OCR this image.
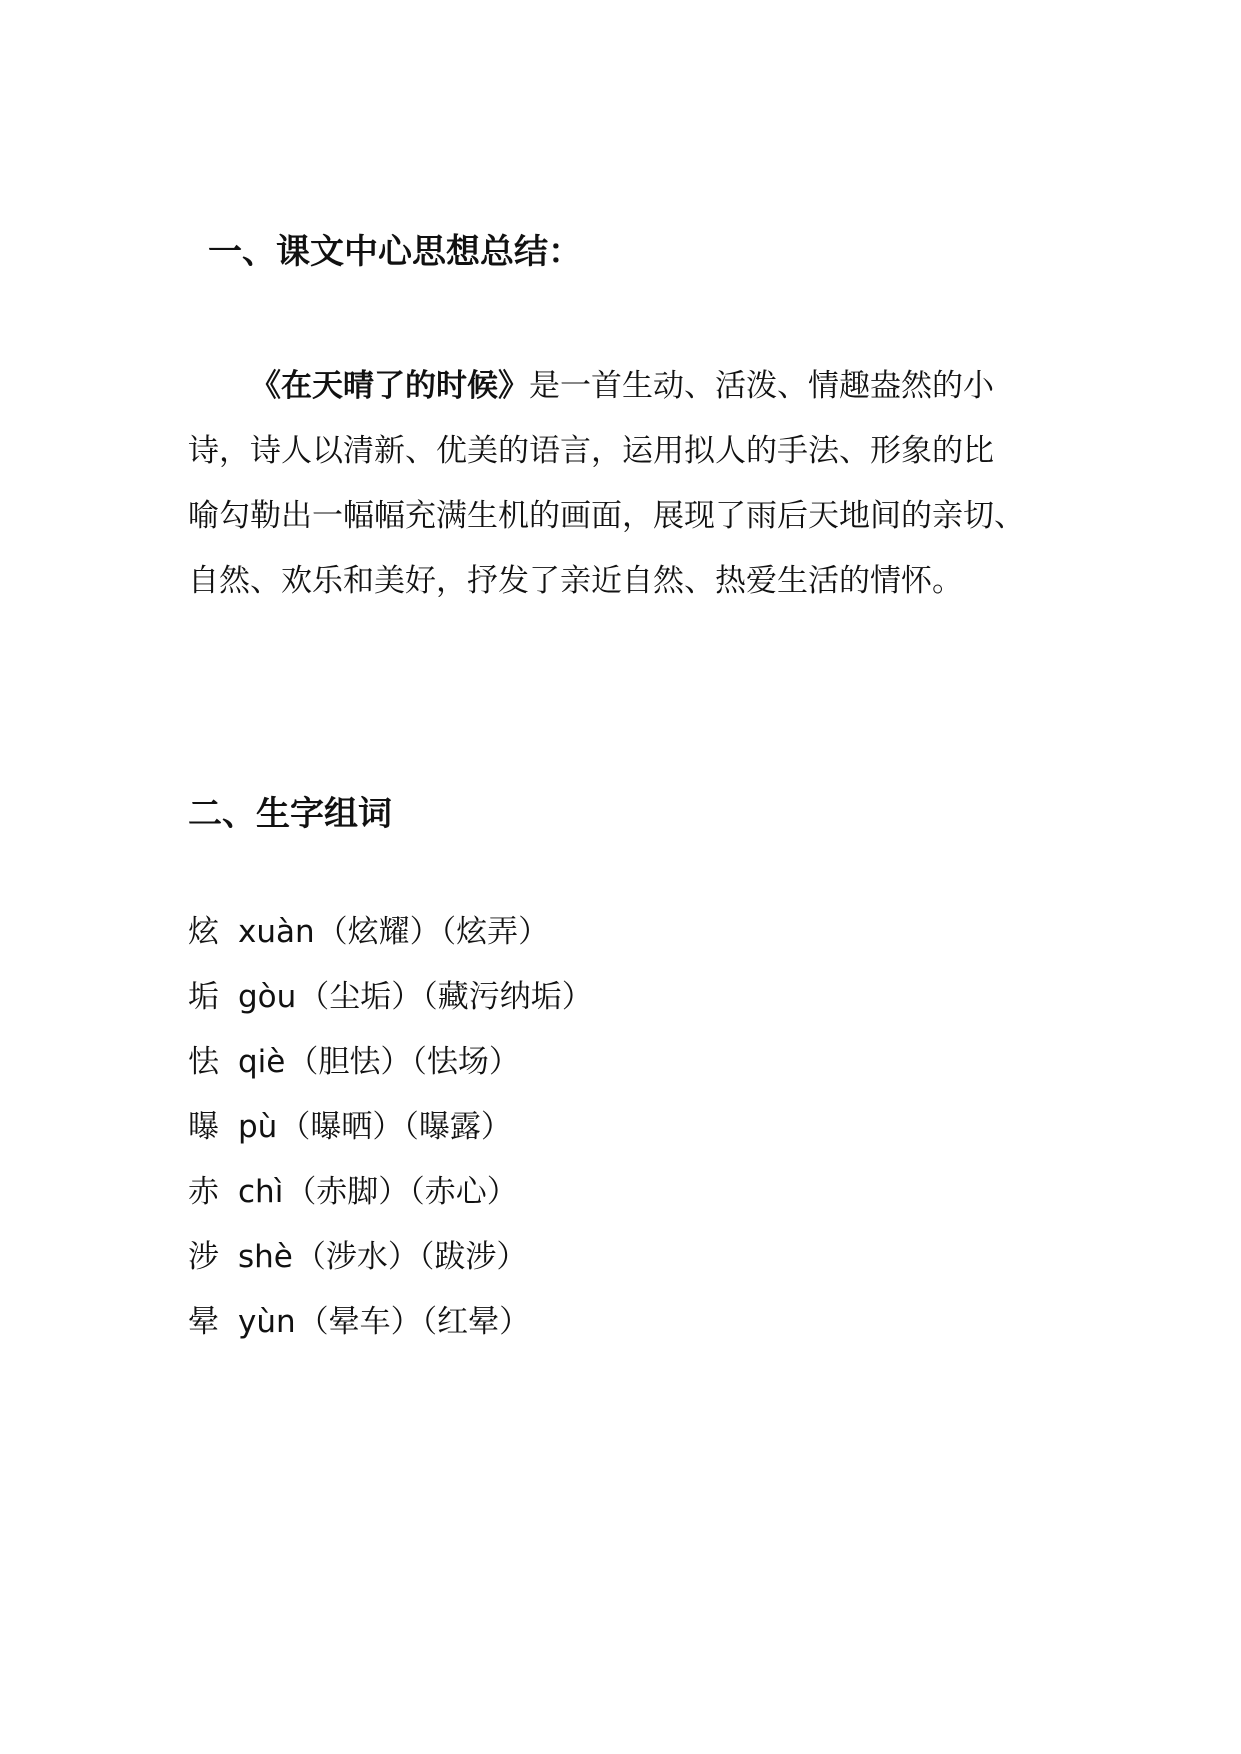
一、课文中心思想总结：
《在天晴了的时候》是一首生动、活泼、情趣盎然的小
诗，诗人以清新、优美的语言，运用拟人的手法、形象的比
喻勾勒出一幅幅充满生机的画面，展现了雨后天地间的亲切、
自然、欢乐和美好，抒发了亲近自然、热爱生活的情怀。
二、生字组词
炫 xuàn（炫耀）（炫弄）
垢 gòu（尘垢）（藏污纳垢）
怯 qiè（胆怯）（怯场）
曝 pù（曝晒）（曝露）
赤 chì（赤脚）（赤心）
涉 shè（涉水）（跋涉）
晕 yùn（晕车）（红晕）
